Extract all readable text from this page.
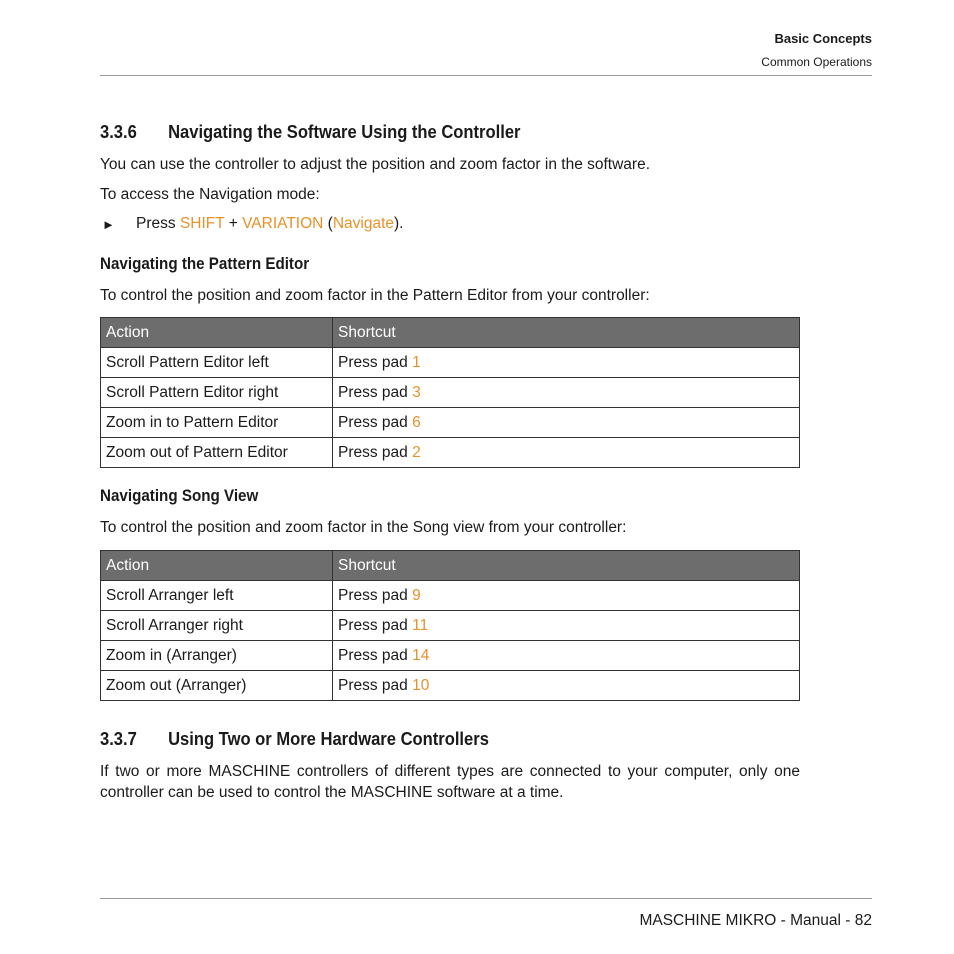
Basic Concepts
Common Operations
3.3.6 Navigating the Software Using the Controller
You can use the controller to adjust the position and zoom factor in the software.
To access the Navigation mode:
► Press SHIFT + VARIATION (Navigate).
Navigating the Pattern Editor
To control the position and zoom factor in the Pattern Editor from your controller:
Action	Shortcut
Scroll Pattern Editor left	Press pad 1
Scroll Pattern Editor right	Press pad 3
Zoom in to Pattern Editor	Press pad 6
Zoom out of Pattern Editor	Press pad 2
Navigating Song View
To control the position and zoom factor in the Song view from your controller:
Action	Shortcut
Scroll Arranger left	Press pad 9
Scroll Arranger right	Press pad 11
Zoom in (Arranger)	Press pad 14
Zoom out (Arranger)	Press pad 10
3.3.7 Using Two or More Hardware Controllers
If two or more MASCHINE controllers of different types are connected to your computer, only one controller can be used to control the MASCHINE software at a time.
MASCHINE MIKRO - Manual - 82
